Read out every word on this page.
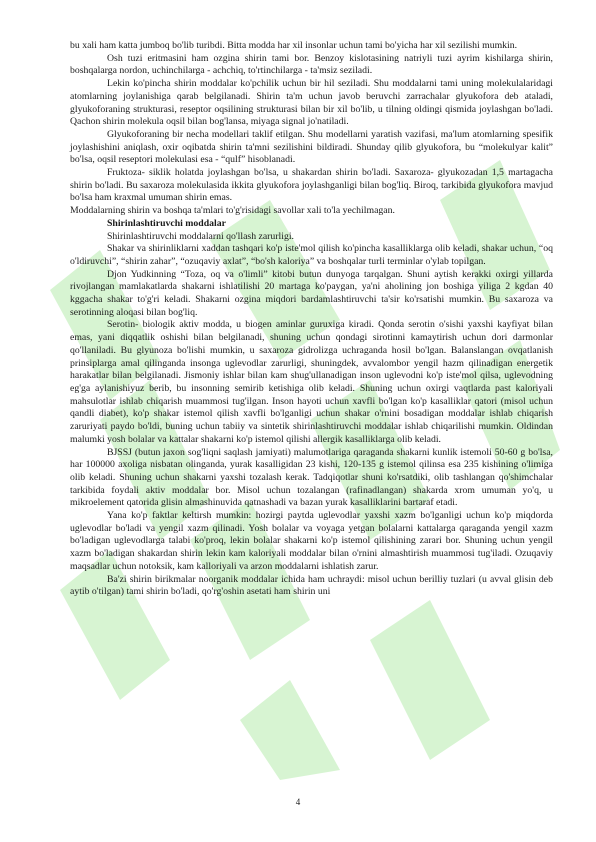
bu xali ham katta jumboq bo'lib turibdi. Bitta modda har xil insonlar uchun tami bo'yicha har xil sezilishi mumkin.

Osh tuzi eritmasini ham ozgina shirin tami bor. Benzoy kislotasining natriyli tuzi ayrim kishilarga shirin, boshqalarga nordon, uchinchilarga - achchiq, to'rtinchilarga - ta'msiz seziladi.

Lekin ko'pincha shirin moddalar ko'pchilik uchun bir hil seziladi. Shu moddalarni tami uning molekulalaridagi atomlarning joylanishiga qarab belgilanadi. Shirin ta'm uchun javob beruvchi zarrachalar glyukofora deb ataladi, glyukoforaning strukturasi, reseptor oqsilining strukturasi bilan bir xil bo'lib, u tilning oldingi qismida joylashgan bo'ladi. Qachon shirin molekula oqsil bilan bog'lansa, miyaga signal jo'natiladi.

Glyukoforaning bir necha modellari taklif etilgan. Shu modellarni yaratish vazifasi, ma'lum atomlarning spesifik joylashishini aniqlash, oxir oqibatda shirin ta'mni sezilishini bildiradi. Shunday qilib glyukofora, bu “molekulyar kalit” bo'lsa, oqsil reseptori molekulasi esa - “qulf” hisoblanadi.

Fruktoza- siklik holatda joylashgan bo'lsa, u shakardan shirin bo'ladi. Saxaroza- glyukozadan 1,5 martagacha shirin bo'ladi. Bu saxaroza molekulasida ikkita glyukofora joylashganligi bilan bog'liq. Biroq, tarkibida glyukofora mavjud bo'lsa ham kraxmal umuman shirin emas.

Moddalarning shirin va boshqa ta'mlari to'g'risidagi savollar xali to'la yechilmagan.

Shirinlashtiruvchi moddalar

Shirinlashtiruvchi moddalarni qo'llash zarurligi.

Shakar va shirinliklarni xaddan tashqari ko'p iste'mol qilish ko'pincha kasalliklarga olib keladi, shakar uchun, “oq o'ldiruvchi”, “shirin zahar”, “ozuqaviy axlat”, “bo'sh kaloriya” va boshqalar turli terminlar o'ylab topilgan.

Djon Yudkinning “Toza, oq va o'limli” kitobi butun dunyoga tarqalgan. Shuni aytish kerakki oxirgi yillarda rivojlangan mamlakatlarda shakarni ishlatilishi 20 martaga ko'paygan, ya'ni aholining jon boshiga yiliga 2 kgdan 40 kggacha shakar to'g'ri keladi. Shakarni ozgina miqdori bardamlashtiruvchi ta'sir ko'rsatishi mumkin. Bu saxaroza va serotinning aloqasi bilan bog'liq.

Serotin- biologik aktiv modda, u biogen aminlar guruxiga kiradi. Qonda serotin o'sishi yaxshi kayfiyat bilan emas, yani diqqatlik oshishi bilan belgilanadi, shuning uchun qondagi sirotinni kamaytirish uchun dori darmonlar qo'llaniladi. Bu glyunoza bo'lishi mumkin, u saxaroza gidrolizga uchraganda hosil bo'lgan. Balanslangan ovqatlanish prinsiplarga amal qilinganda insonga uglevodlar zarurligi, shuningdek, avvalombor yengil hazm qilinadigan energetik harakatlar bilan belgilanadi. Jismoniy ishlar bilan kam shug'ullanadigan inson uglevodni ko'p iste'mol qilsa, uglevodning eg'ga aylanishiyuz berib, bu insonning semirib ketishiga olib keladi. Shuning uchun oxirgi vaqtlarda past kaloriyali mahsulotlar ishlab chiqarish muammosi tug'ilgan. Inson hayoti uchun xavfli bo'lgan ko'p kasalliklar qatori (misol uchun qandli diabet), ko'p shakar istemol qilish xavfli bo'lganligi uchun shakar o'rnini bosadigan moddalar ishlab chiqarish zaruriyati paydo bo'ldi, buning uchun tabiiy va sintetik shirinlashtiruvchi moddalar ishlab chiqarilishi mumkin. Oldindan malumki yosh bolalar va kattalar shakarni ko'p istemol qilishi allergik kasalliklarga olib keladi.

BJSSJ (butun jaxon sog'liqni saqlash jamiyati) malumotlariga qaraganda shakarni kunlik istemoli 50-60 g bo'lsa, har 100000 axoliga nisbatan olinganda, yurak kasalligidan 23 kishi, 120-135 g istemol qilinsa esa 235 kishining o'limiga olib keladi. Shuning uchun shakarni yaxshi tozalash kerak. Tadqiqotlar shuni ko'rsatdiki, olib tashlangan qo'shimchalar tarkibida foydali aktiv moddalar bor. Misol uchun tozalangan (rafinadlangan) shakarda xrom umuman yo'q, u mikroelement qatorida glisin almashinuvida qatnashadi va bazan yurak kasalliklarini bartaraf etadi.

Yana ko'p faktlar keltirsh mumkin: hozirgi paytda uglevodlar yaxshi xazm bo'lganligi uchun ko'p miqdorda uglevodlar bo'ladi va yengil xazm qilinadi. Yosh bolalar va voyaga yetgan bolalarni kattalarga qaraganda yengil xazm bo'ladigan uglevodlarga talabi ko'proq, lekin bolalar shakarni ko'p istemol qilishining zarari bor. Shuning uchun yengil xazm bo'ladigan shakardan shirin lekin kam kaloriyali moddalar bilan o'rnini almashtirish muammosi tug'iladi. Ozuqaviy maqsadlar uchun notoksik, kam kalloriyali va arzon moddalarni ishlatish zarur.

Ba'zi shirin birikmalar noorganik moddalar ichida ham uchraydi: misol uchun berilliy tuzlari (u avval glisin deb aytib o'tilgan) tami shirin bo'ladi, qo'rg'oshin asetati ham shirin uni

4
